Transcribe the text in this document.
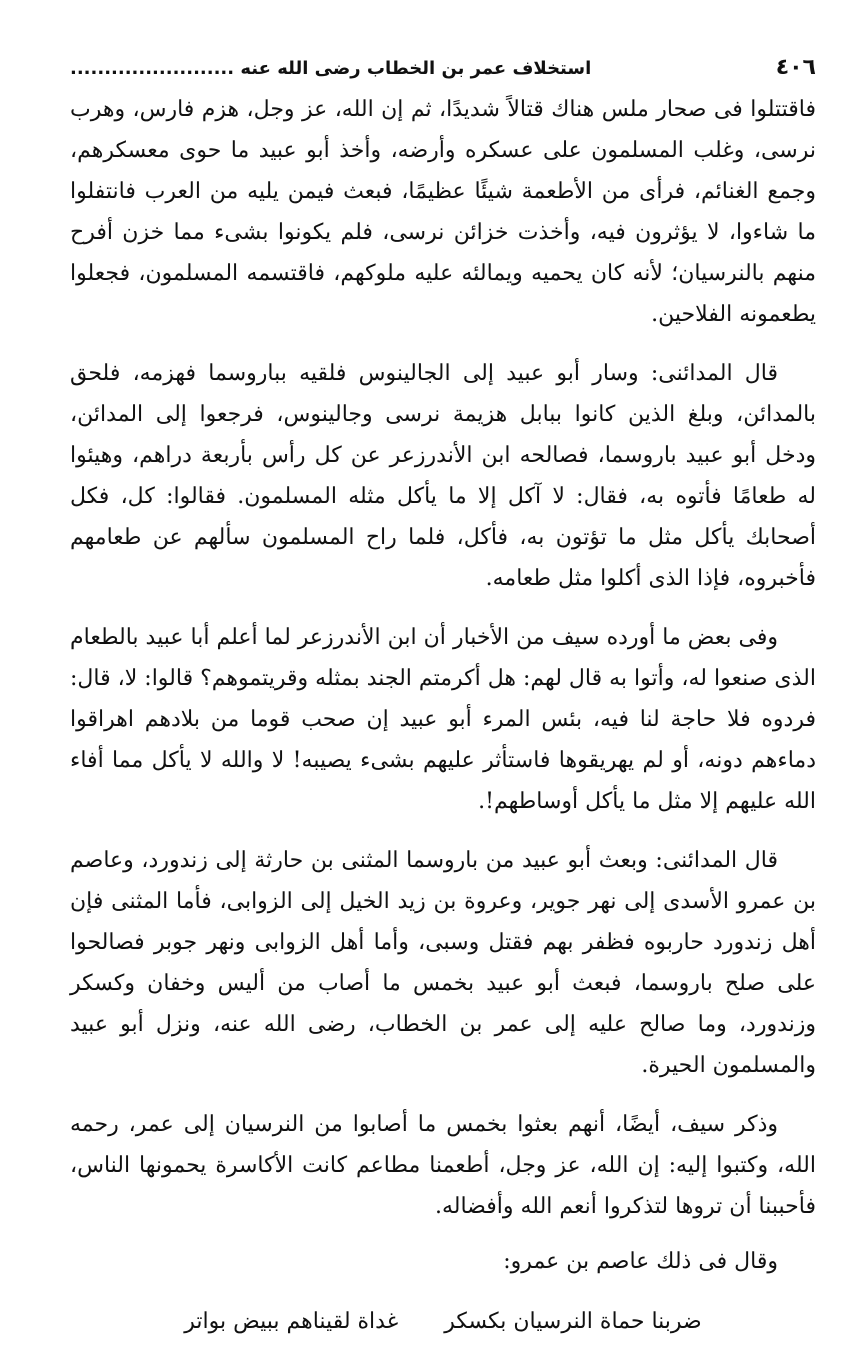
٤٠٦
استخلاف عمر بن الخطاب رضى الله عنه ........................

فاقتتلوا فى صحار ملس هناك قتالاً شديدًا، ثم إن الله، عز وجل، هزم فارس، وهرب نرسى، وغلب المسلمون على عسكره وأرضه، وأخذ أبو عبيد ما حوى معسكرهم، وجمع الغنائم، فرأى من الأطعمة شيئًا عظيمًا، فبعث فيمن يليه من العرب فانتفلوا ما شاءوا، لا يؤثرون فيه، وأخذت خزائن نرسى، فلم يكونوا بشىء مما خزن أفرح منهم بالنرسيان؛ لأنه كان يحميه ويمالئه عليه ملوكهم، فاقتسمه المسلمون، فجعلوا يطعمونه الفلاحين.

قال المدائنى: وسار أبو عبيد إلى الجالينوس فلقيه بباروسما فهزمه، فلحق بالمدائن، وبلغ الذين كانوا ببابل هزيمة نرسى وجالينوس، فرجعوا إلى المدائن، ودخل أبو عبيد باروسما، فصالحه ابن الأندرزعر عن كل رأس بأربعة دراهم، وهيئوا له طعامًا فأتوه به، فقال: لا آكل إلا ما يأكل مثله المسلمون. فقالوا: كل، فكل أصحابك يأكل مثل ما تؤتون به، فأكل، فلما راح المسلمون سألهم عن طعامهم فأخبروه، فإذا الذى أكلوا مثل طعامه.

وفى بعض ما أورده سيف من الأخبار أن ابن الأندرزعر لما أعلم أبا عبيد بالطعام الذى صنعوا له، وأتوا به قال لهم: هل أكرمتم الجند بمثله وقريتموهم؟ قالوا: لا، قال: فردوه فلا حاجة لنا فيه، بئس المرء أبو عبيد إن صحب قوما من بلادهم اهراقوا دماءهم دونه، أو لم يهريقوها فاستأثر عليهم بشىء يصيبه! لا والله لا يأكل مما أفاء الله عليهم إلا مثل ما يأكل أوساطهم!.

قال المدائنى: وبعث أبو عبيد من باروسما المثنى بن حارثة إلى زندورد، وعاصم بن عمرو الأسدى إلى نهر جوير، وعروة بن زيد الخيل إلى الزوابى، فأما المثنى فإن أهل زندورد حاربوه فظفر بهم فقتل وسبى، وأما أهل الزوابى ونهر جوبر فصالحوا على صلح باروسما، فبعث أبو عبيد بخمس ما أصاب من أليس وخفان وكسكر وزندورد، وما صالح عليه إلى عمر بن الخطاب، رضى الله عنه، ونزل أبو عبيد والمسلمون الحيرة.

وذكر سيف، أيضًا، أنهم بعثوا بخمس ما أصابوا من النرسيان إلى عمر، رحمه الله، وكتبوا إليه: إن الله، عز وجل، أطعمنا مطاعم كانت الأكاسرة يحمونها الناس، فأحببنا أن تروها لتذكروا أنعم الله وأفضاله.

وقال فى ذلك عاصم بن عمرو:

ضربنا حماة النرسيان بكسكر
غداة لقيناهم ببيض بواتر
